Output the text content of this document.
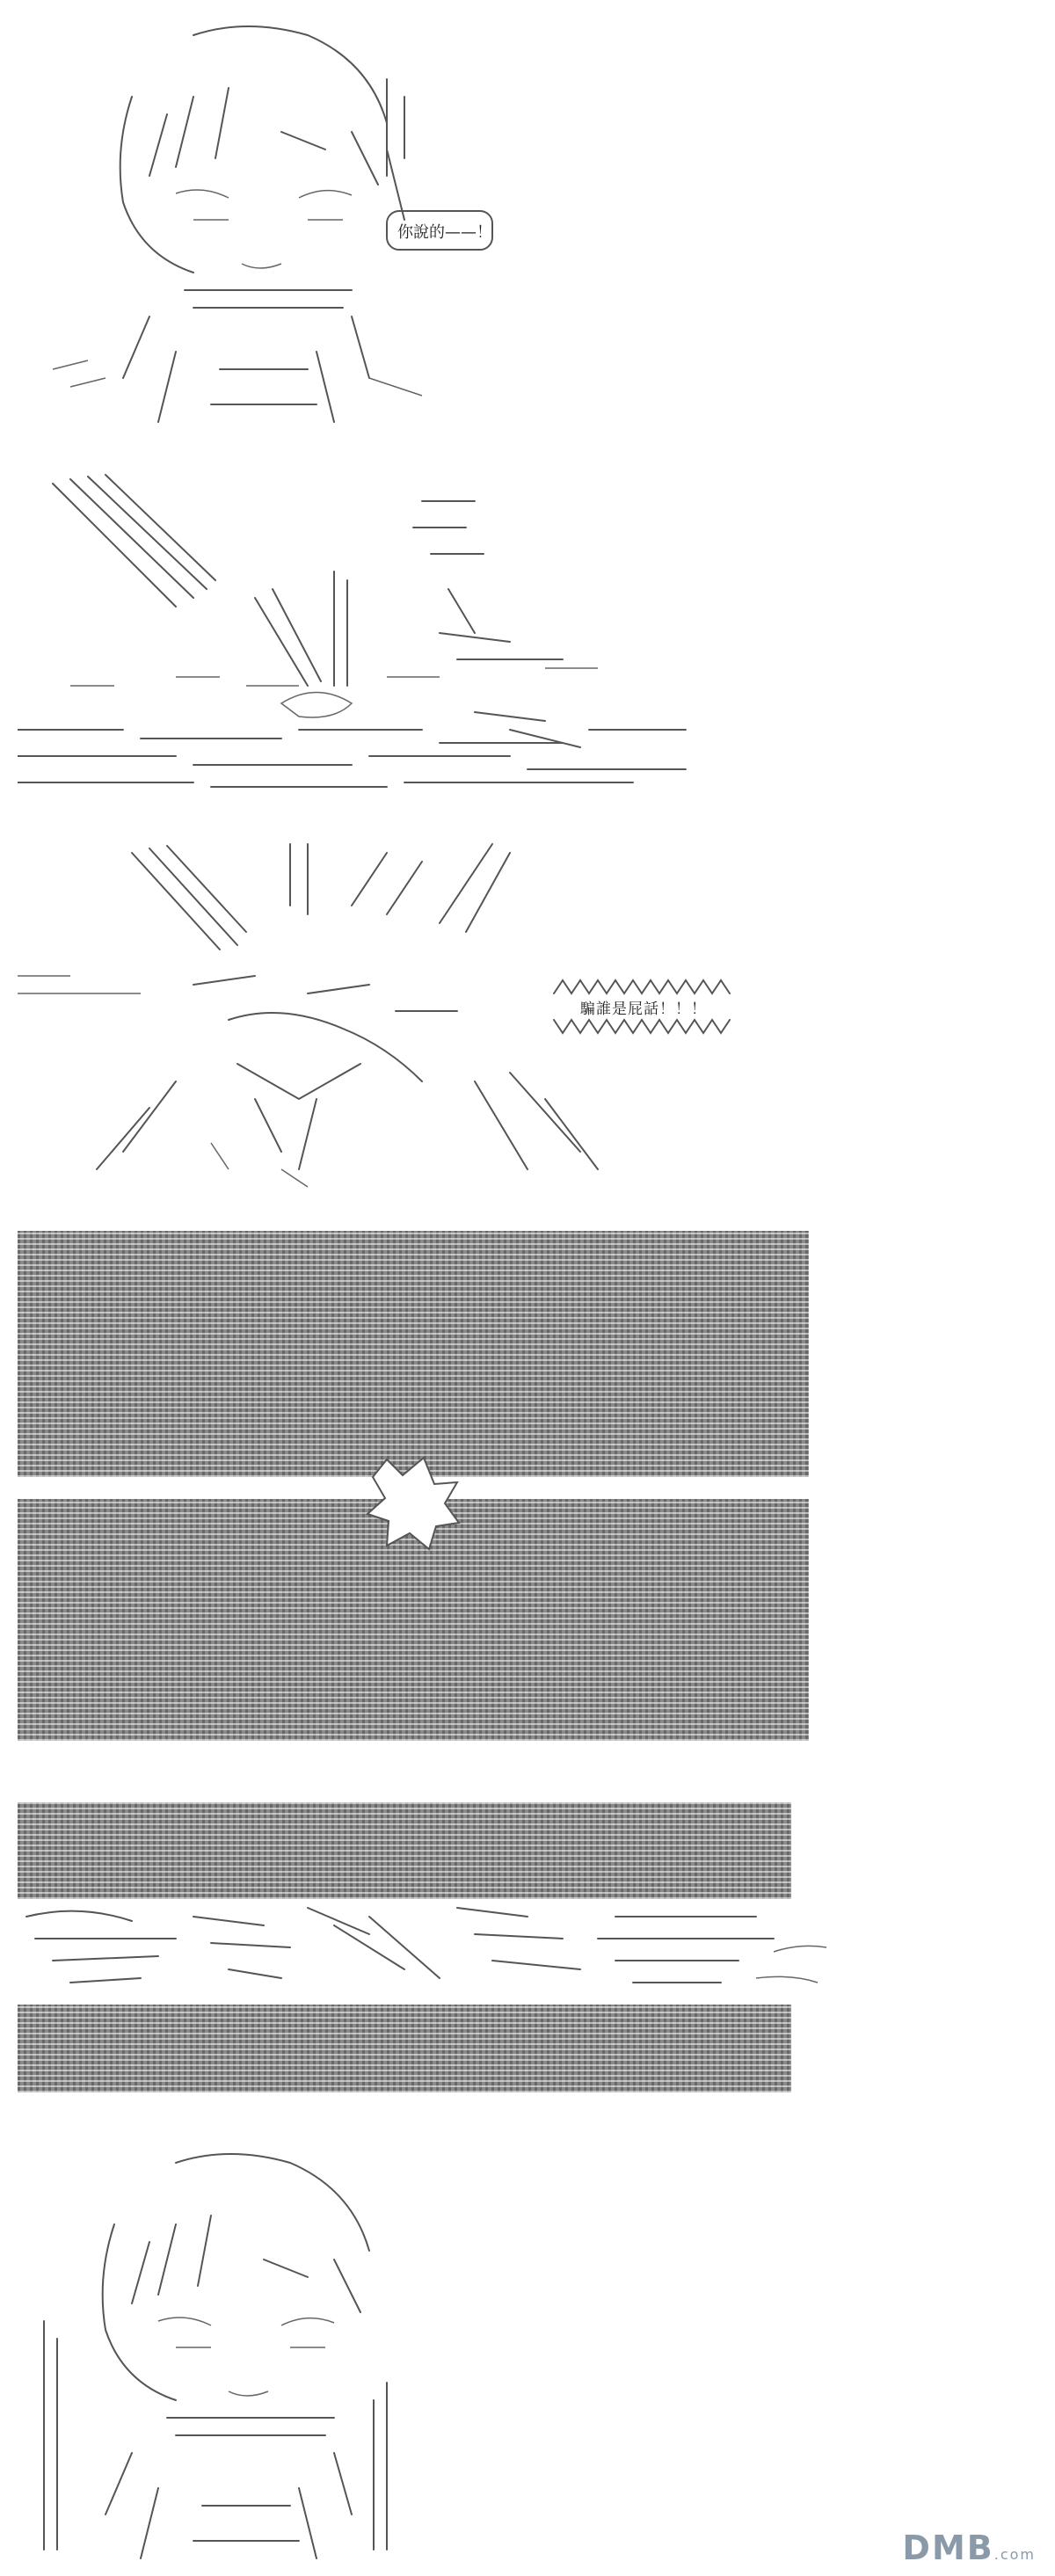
你說的——！
騙誰是屁話！！！
DMB.com
